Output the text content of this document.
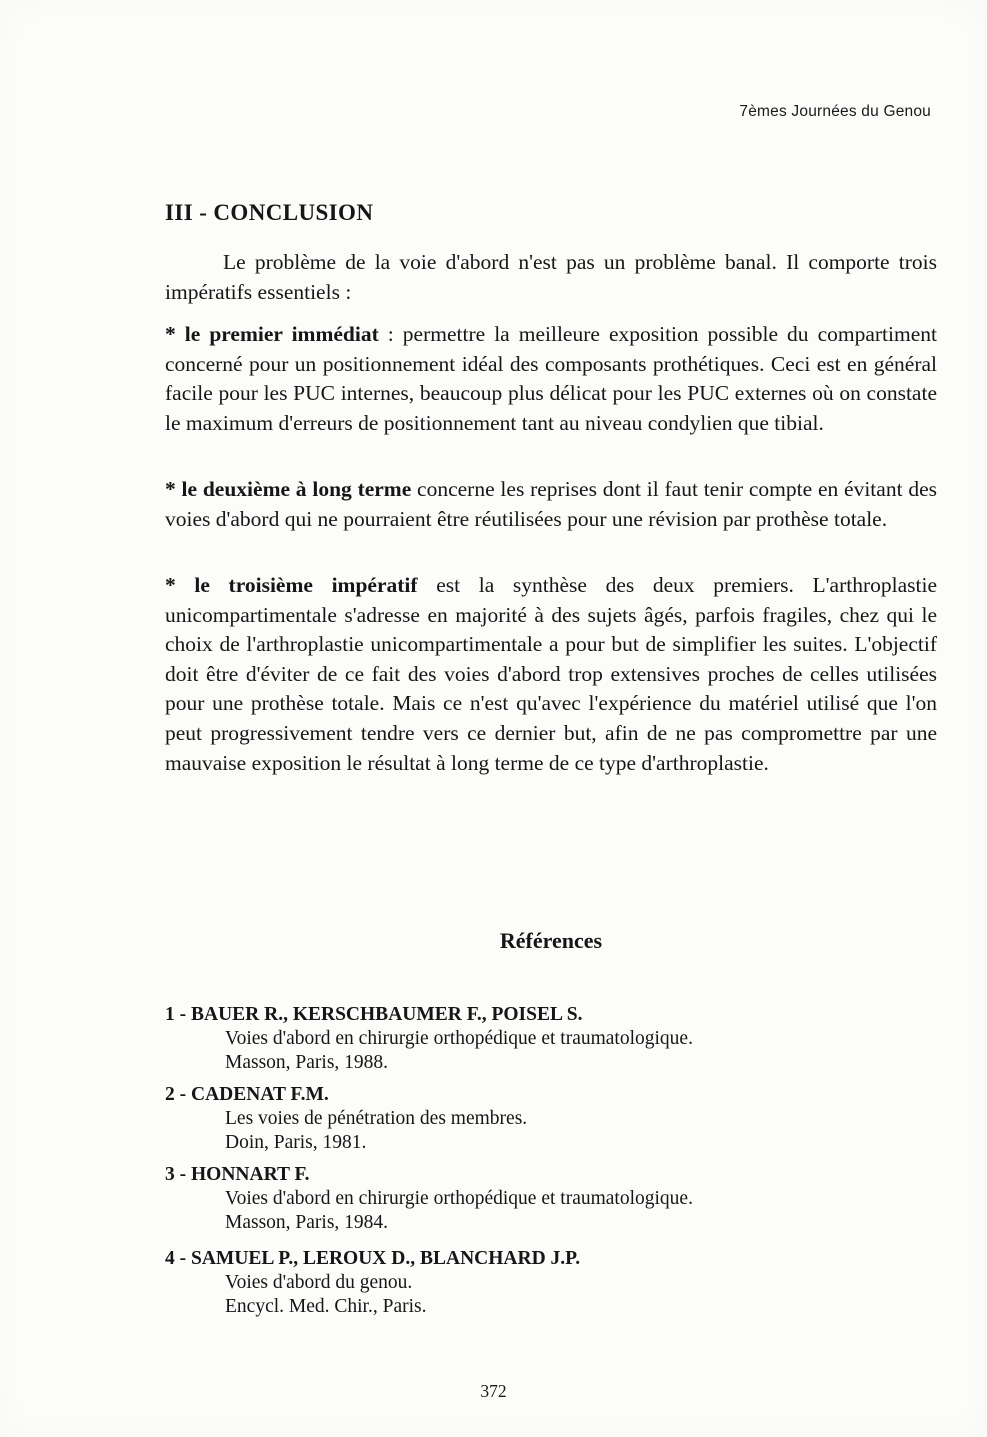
7èmes Journées du Genou
III - CONCLUSION

Le problème de la voie d'abord n'est pas un problème banal. Il comporte trois impératifs essentiels :

* le premier immédiat : permettre la meilleure exposition possible du compartiment concerné pour un positionnement idéal des composants prothétiques. Ceci est en général facile pour les PUC internes, beaucoup plus délicat pour les PUC externes où on constate le maximum d'erreurs de positionnement tant au niveau condylien que tibial.

* le deuxième à long terme concerne les reprises dont il faut tenir compte en évitant des voies d'abord qui ne pourraient être réutilisées pour une révision par prothèse totale.

* le troisième impératif est la synthèse des deux premiers. L'arthroplastie unicompartimentale s'adresse en majorité à des sujets âgés, parfois fragiles, chez qui le choix de l'arthroplastie unicompartimentale a pour but de simplifier les suites. L'objectif doit être d'éviter de ce fait des voies d'abord trop extensives proches de celles utilisées pour une prothèse totale. Mais ce n'est qu'avec l'expérience du matériel utilisé que l'on peut progressivement tendre vers ce dernier but, afin de ne pas compromettre par une mauvaise exposition le résultat à long terme de ce type d'arthroplastie.

Références
1 - BAUER R., KERSCHBAUMER F., POISEL S.
Voies d'abord en chirurgie orthopédique et traumatologique.
Masson, Paris, 1988.
2 - CADENAT F.M.
Les voies de pénétration des membres.
Doin, Paris, 1981.
3 - HONNART F.
Voies d'abord en chirurgie orthopédique et traumatologique.
Masson, Paris, 1984.
4 - SAMUEL P., LEROUX D., BLANCHARD J.P.
Voies d'abord du genou.
Encycl. Med. Chir., Paris.
372
